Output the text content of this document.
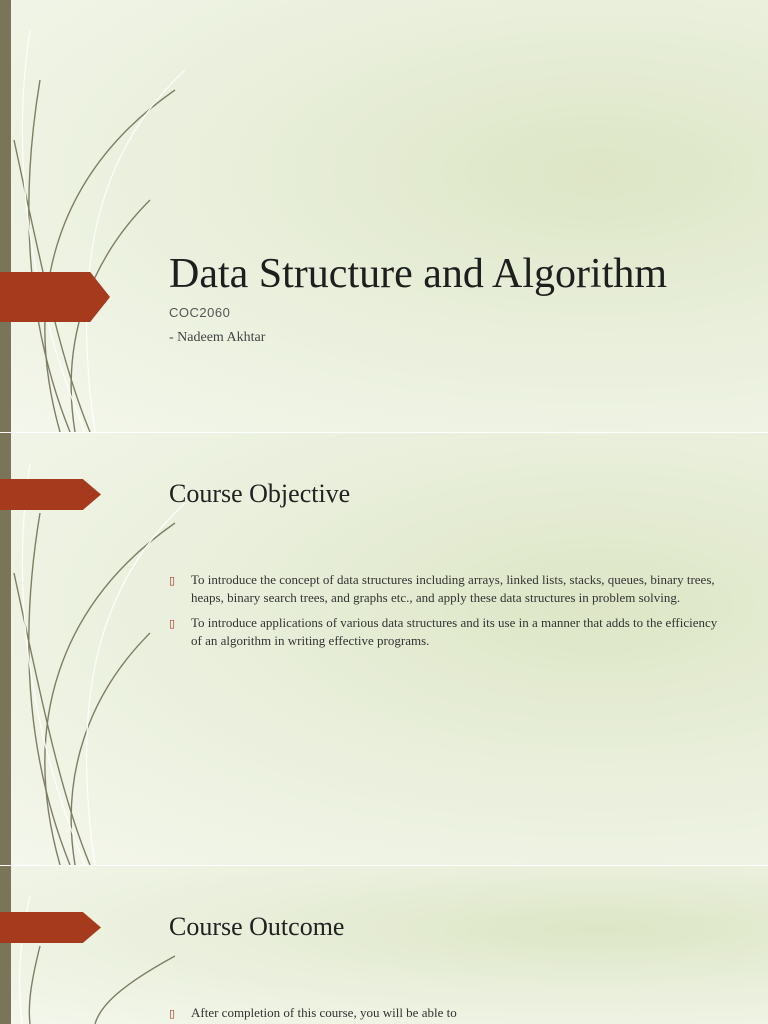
Data Structure and Algorithm
COC2060
- Nadeem Akhtar
Course Objective
▯ To introduce the concept of data structures including arrays, linked lists, stacks, queues, binary trees, heaps, binary search trees, and graphs etc., and apply these data structures in problem solving.
▯ To introduce applications of various data structures and its use in a manner that adds to the efficiency of an algorithm in writing effective programs.
Course Outcome
▯ After completion of this course, you will be able to
